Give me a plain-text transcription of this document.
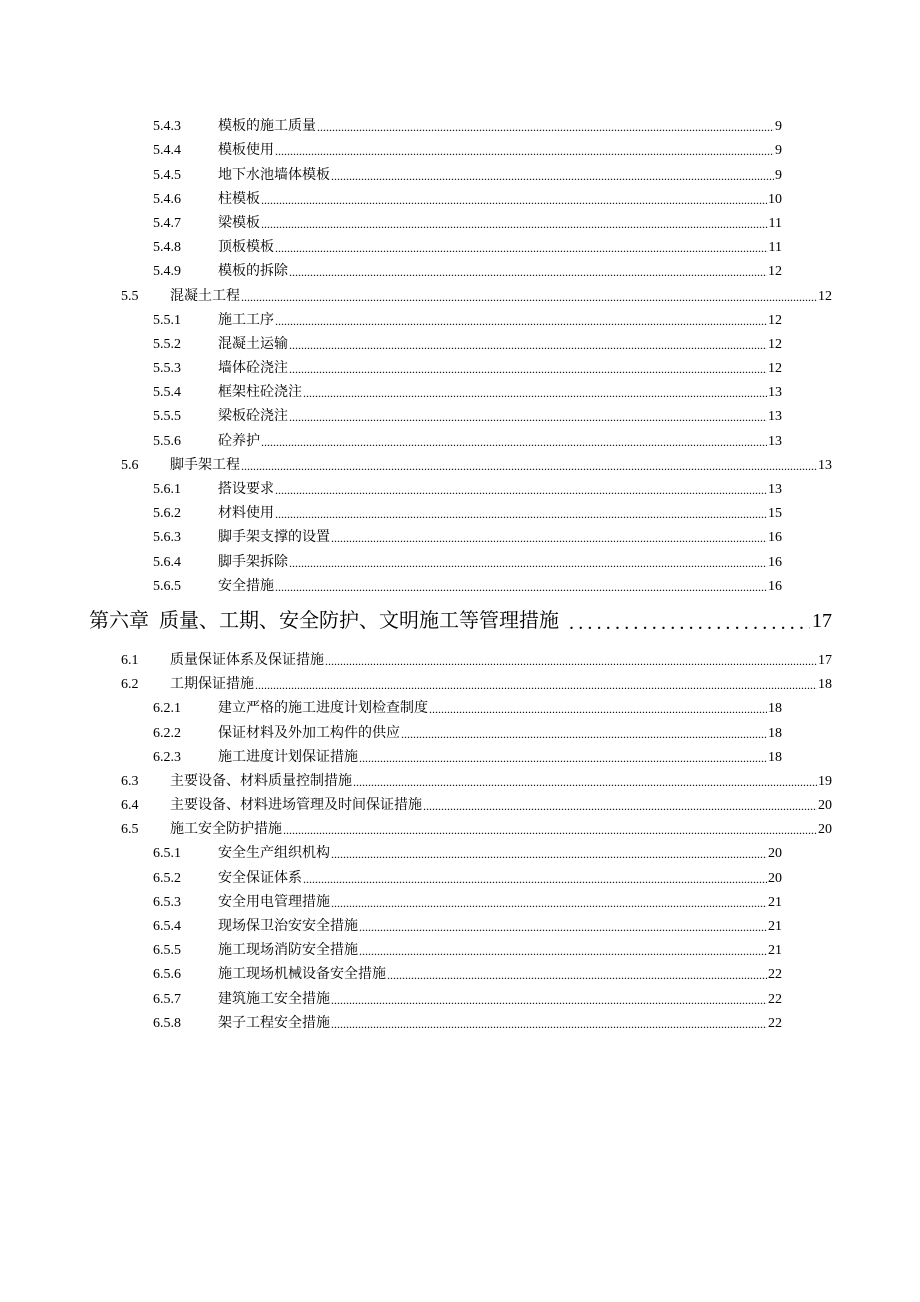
5.4.3	模板的施工质量 .....	9
5.4.4	模板使用 .....	9
5.4.5	地下水池墙体模板 .....	9
5.4.6	柱模板 .....	10
5.4.7	梁模板 .....	11
5.4.8	顶板模板 .....	11
5.4.9	模板的拆除 .....	12
5.5	混凝土工程 .....	12
5.5.1	施工工序 .....	12
5.5.2	混凝土运输 .....	12
5.5.3	墙体砼浇注 .....	12
5.5.4	框架柱砼浇注 .....	13
5.5.5	梁板砼浇注 .....	13
5.5.6	砼养护 .....	13
5.6	脚手架工程 .....	13
5.6.1	搭设要求 .....	13
5.6.2	材料使用 .....	15
5.6.3	脚手架支撑的设置 .....	16
5.6.4	脚手架拆除 .....	16
5.6.5	安全措施 .....	16
第六章 质量、工期、安全防护、文明施工等管理措施 .....	17
6.1	质量保证体系及保证措施 .....	17
6.2	工期保证措施 .....	18
6.2.1	建立严格的施工进度计划检查制度 .....	18
6.2.2	保证材料及外加工构件的供应 .....	18
6.2.3	施工进度计划保证措施 .....	18
6.3	主要设备、材料质量控制措施 .....	19
6.4	主要设备、材料进场管理及时间保证措施 .....	20
6.5	施工安全防护措施 .....	20
6.5.1	安全生产组织机构 .....	20
6.5.2	安全保证体系 .....	20
6.5.3	安全用电管理措施 .....	21
6.5.4	现场保卫治安安全措施 .....	21
6.5.5	施工现场消防安全措施 .....	21
6.5.6	施工现场机械设备安全措施 .....	22
6.5.7	建筑施工安全措施 .....	22
6.5.8	架子工程安全措施 .....	22
